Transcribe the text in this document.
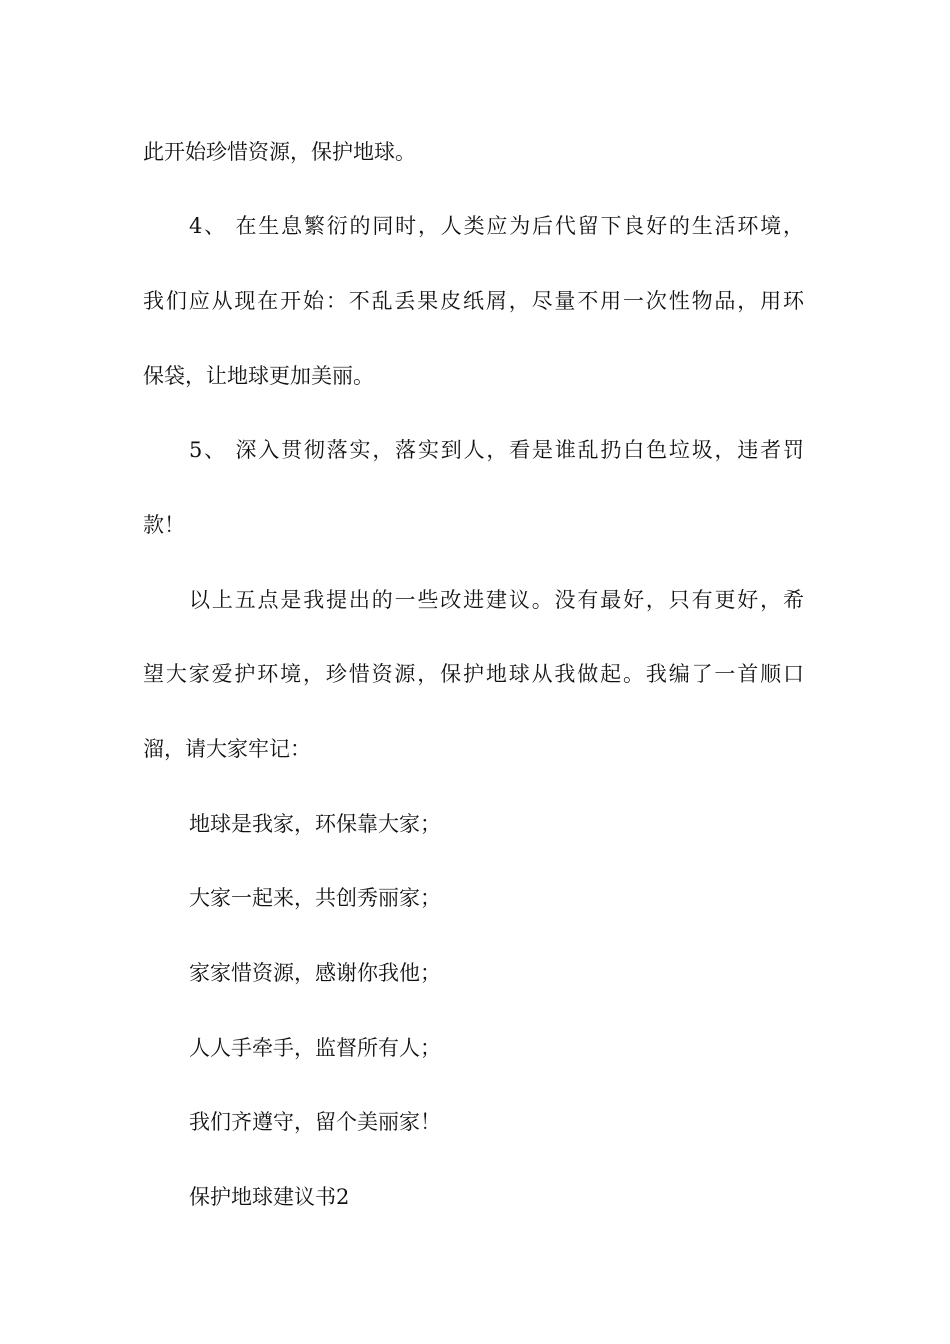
此开始珍惜资源，保护地球。
4、 在生息繁衍的同时，人类应为后代留下良好的生活环境，
我们应从现在开始：不乱丢果皮纸屑，尽量不用一次性物品，用环
保袋，让地球更加美丽。
5、 深入贯彻落实，落实到人，看是谁乱扔白色垃圾，违者罚
款！
以上五点是我提出的一些改进建议。没有最好，只有更好，希
望大家爱护环境，珍惜资源，保护地球从我做起。我编了一首顺口
溜，请大家牢记：
地球是我家，环保靠大家；
大家一起来，共创秀丽家；
家家惜资源，感谢你我他；
人人手牵手，监督所有人；
我们齐遵守，留个美丽家！
保护地球建议书2
